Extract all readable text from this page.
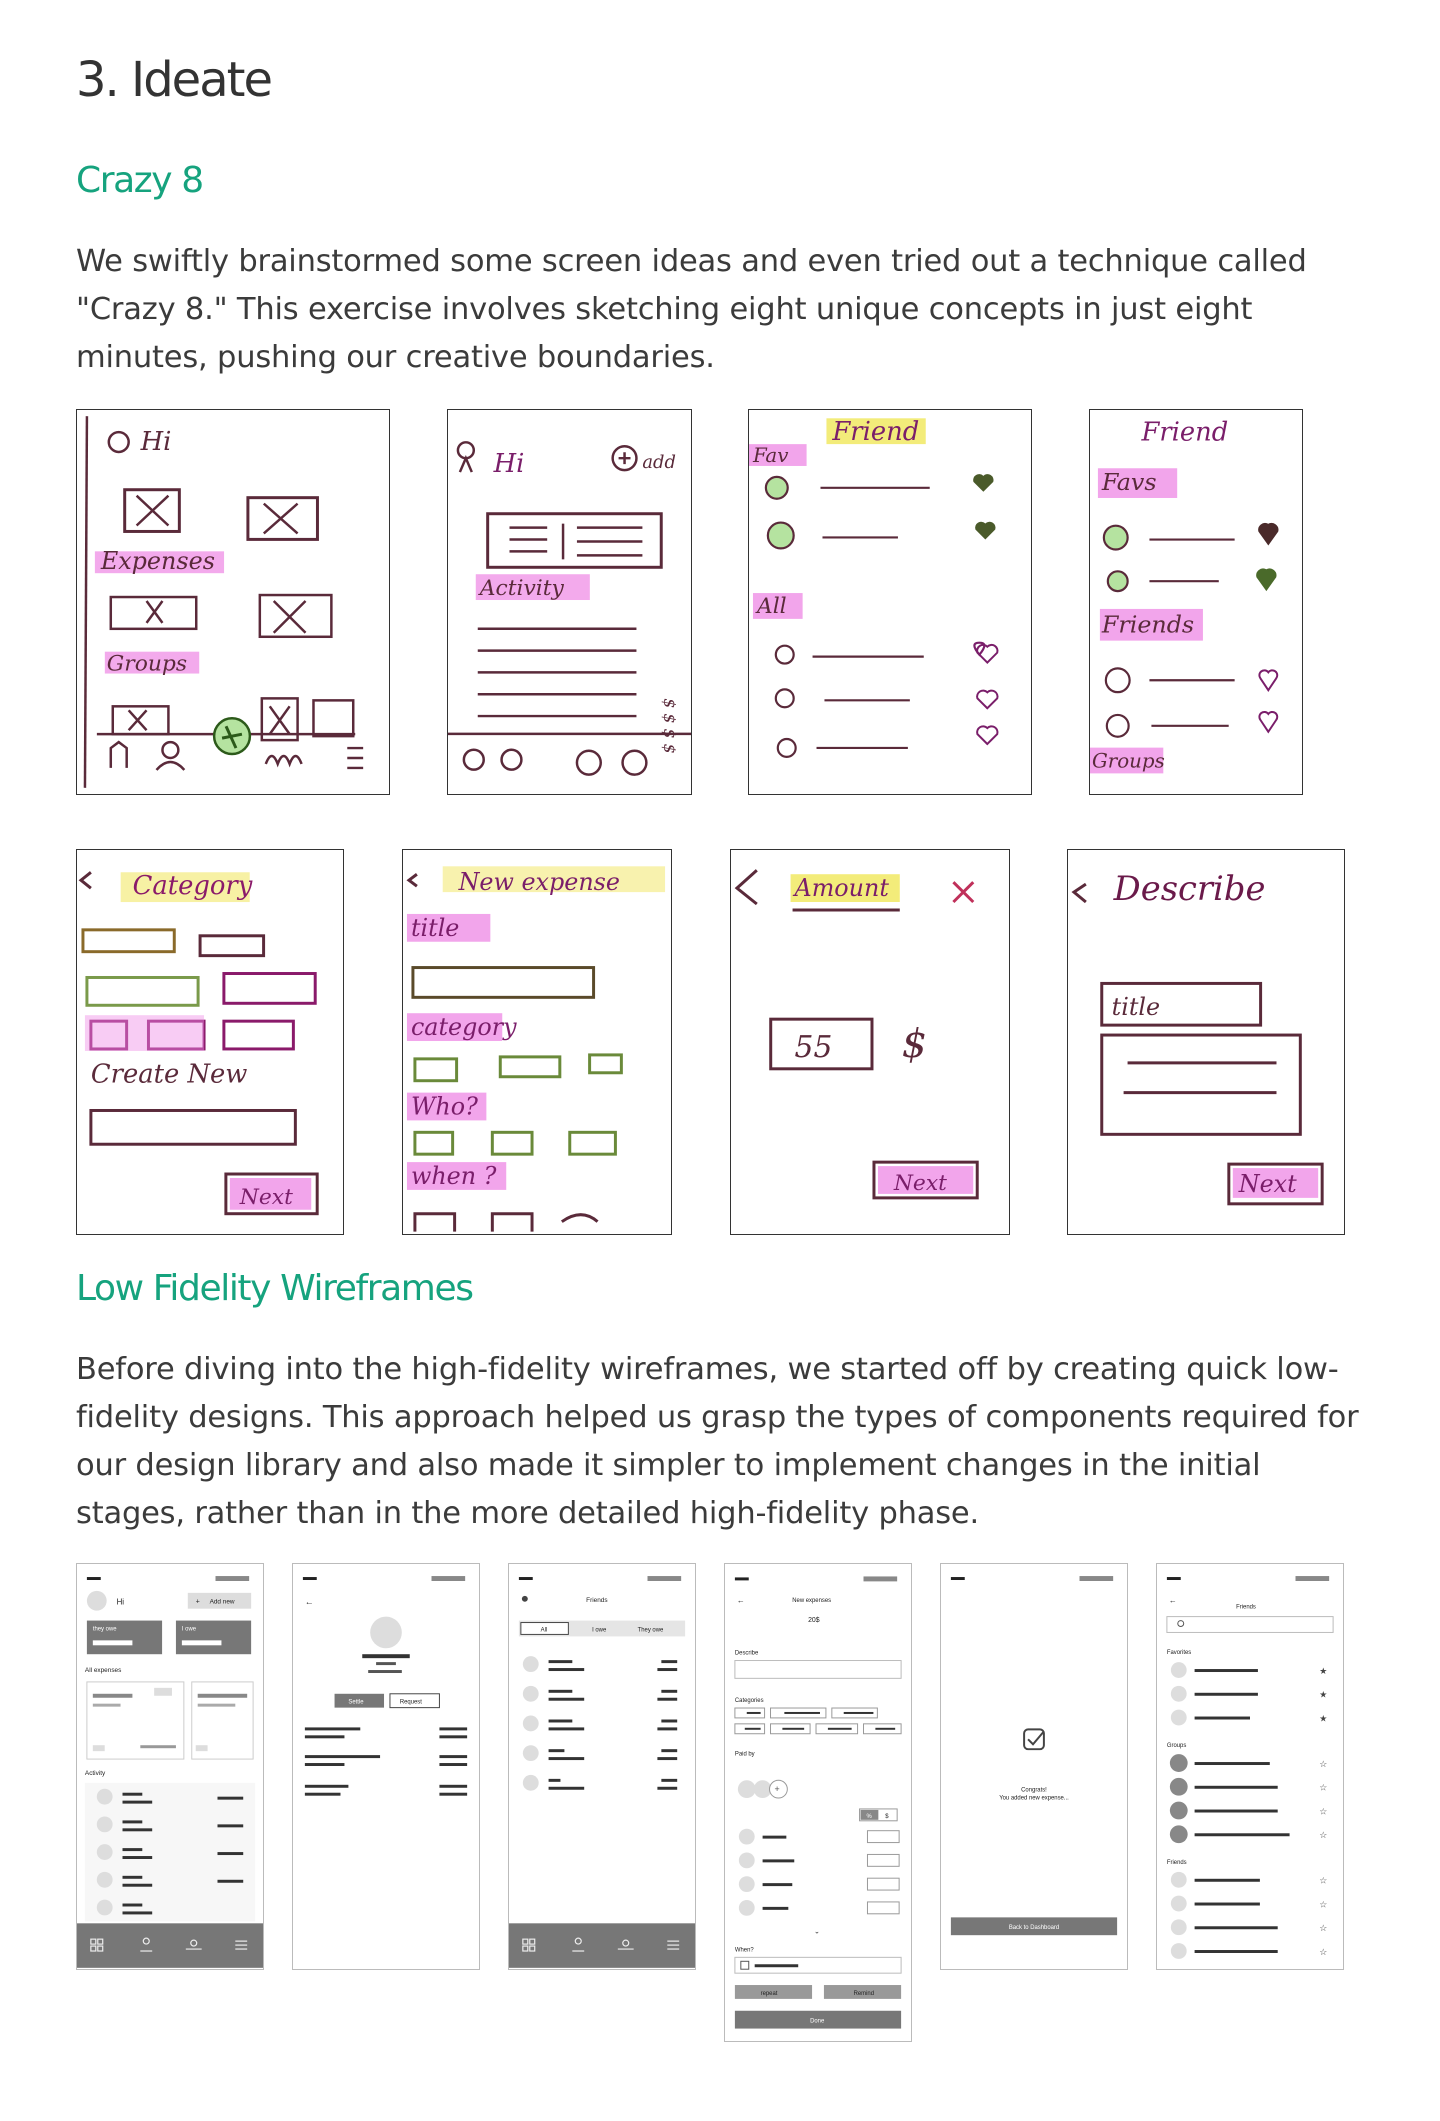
3. Ideate
Crazy 8

We swiftly brainstormed some screen ideas and even tried out a technique called "Crazy 8." This exercise involves sketching eight unique concepts in just eight minutes, pushing our creative boundaries.

Hi
Expenses
Groups
Hi	add
Activity
$ $ $ $
Friend
Fav
All
Friend
Favs
Friends
Groups
Category
Create New
Next
New expense
title
category
Who?
when ?
Amount
55 $
Next
Describe
title
Next
Low Fidelity Wireframes

Before diving into the high-fidelity wireframes, we started off by creating quick low-fidelity designs. This approach helped us grasp the types of components required for our design library and also made it simpler to implement changes in the initial stages, rather than in the more detailed high-fidelity phase.

Hi	+ Add new
they owe	I owe
All expenses
Activity
←
Settle	Request
Friends
All	I owe	They owe
←	New expenses
20$
Describe
Categories
Paid by
+
% $
⌄
When?
repeat	Remind
Done
Congrats!
You added new expense...
Back to Dashboard
←
Friends
Favorites
★
★
★
Groups
☆
☆
☆
☆
Friends
☆
☆
☆
☆
